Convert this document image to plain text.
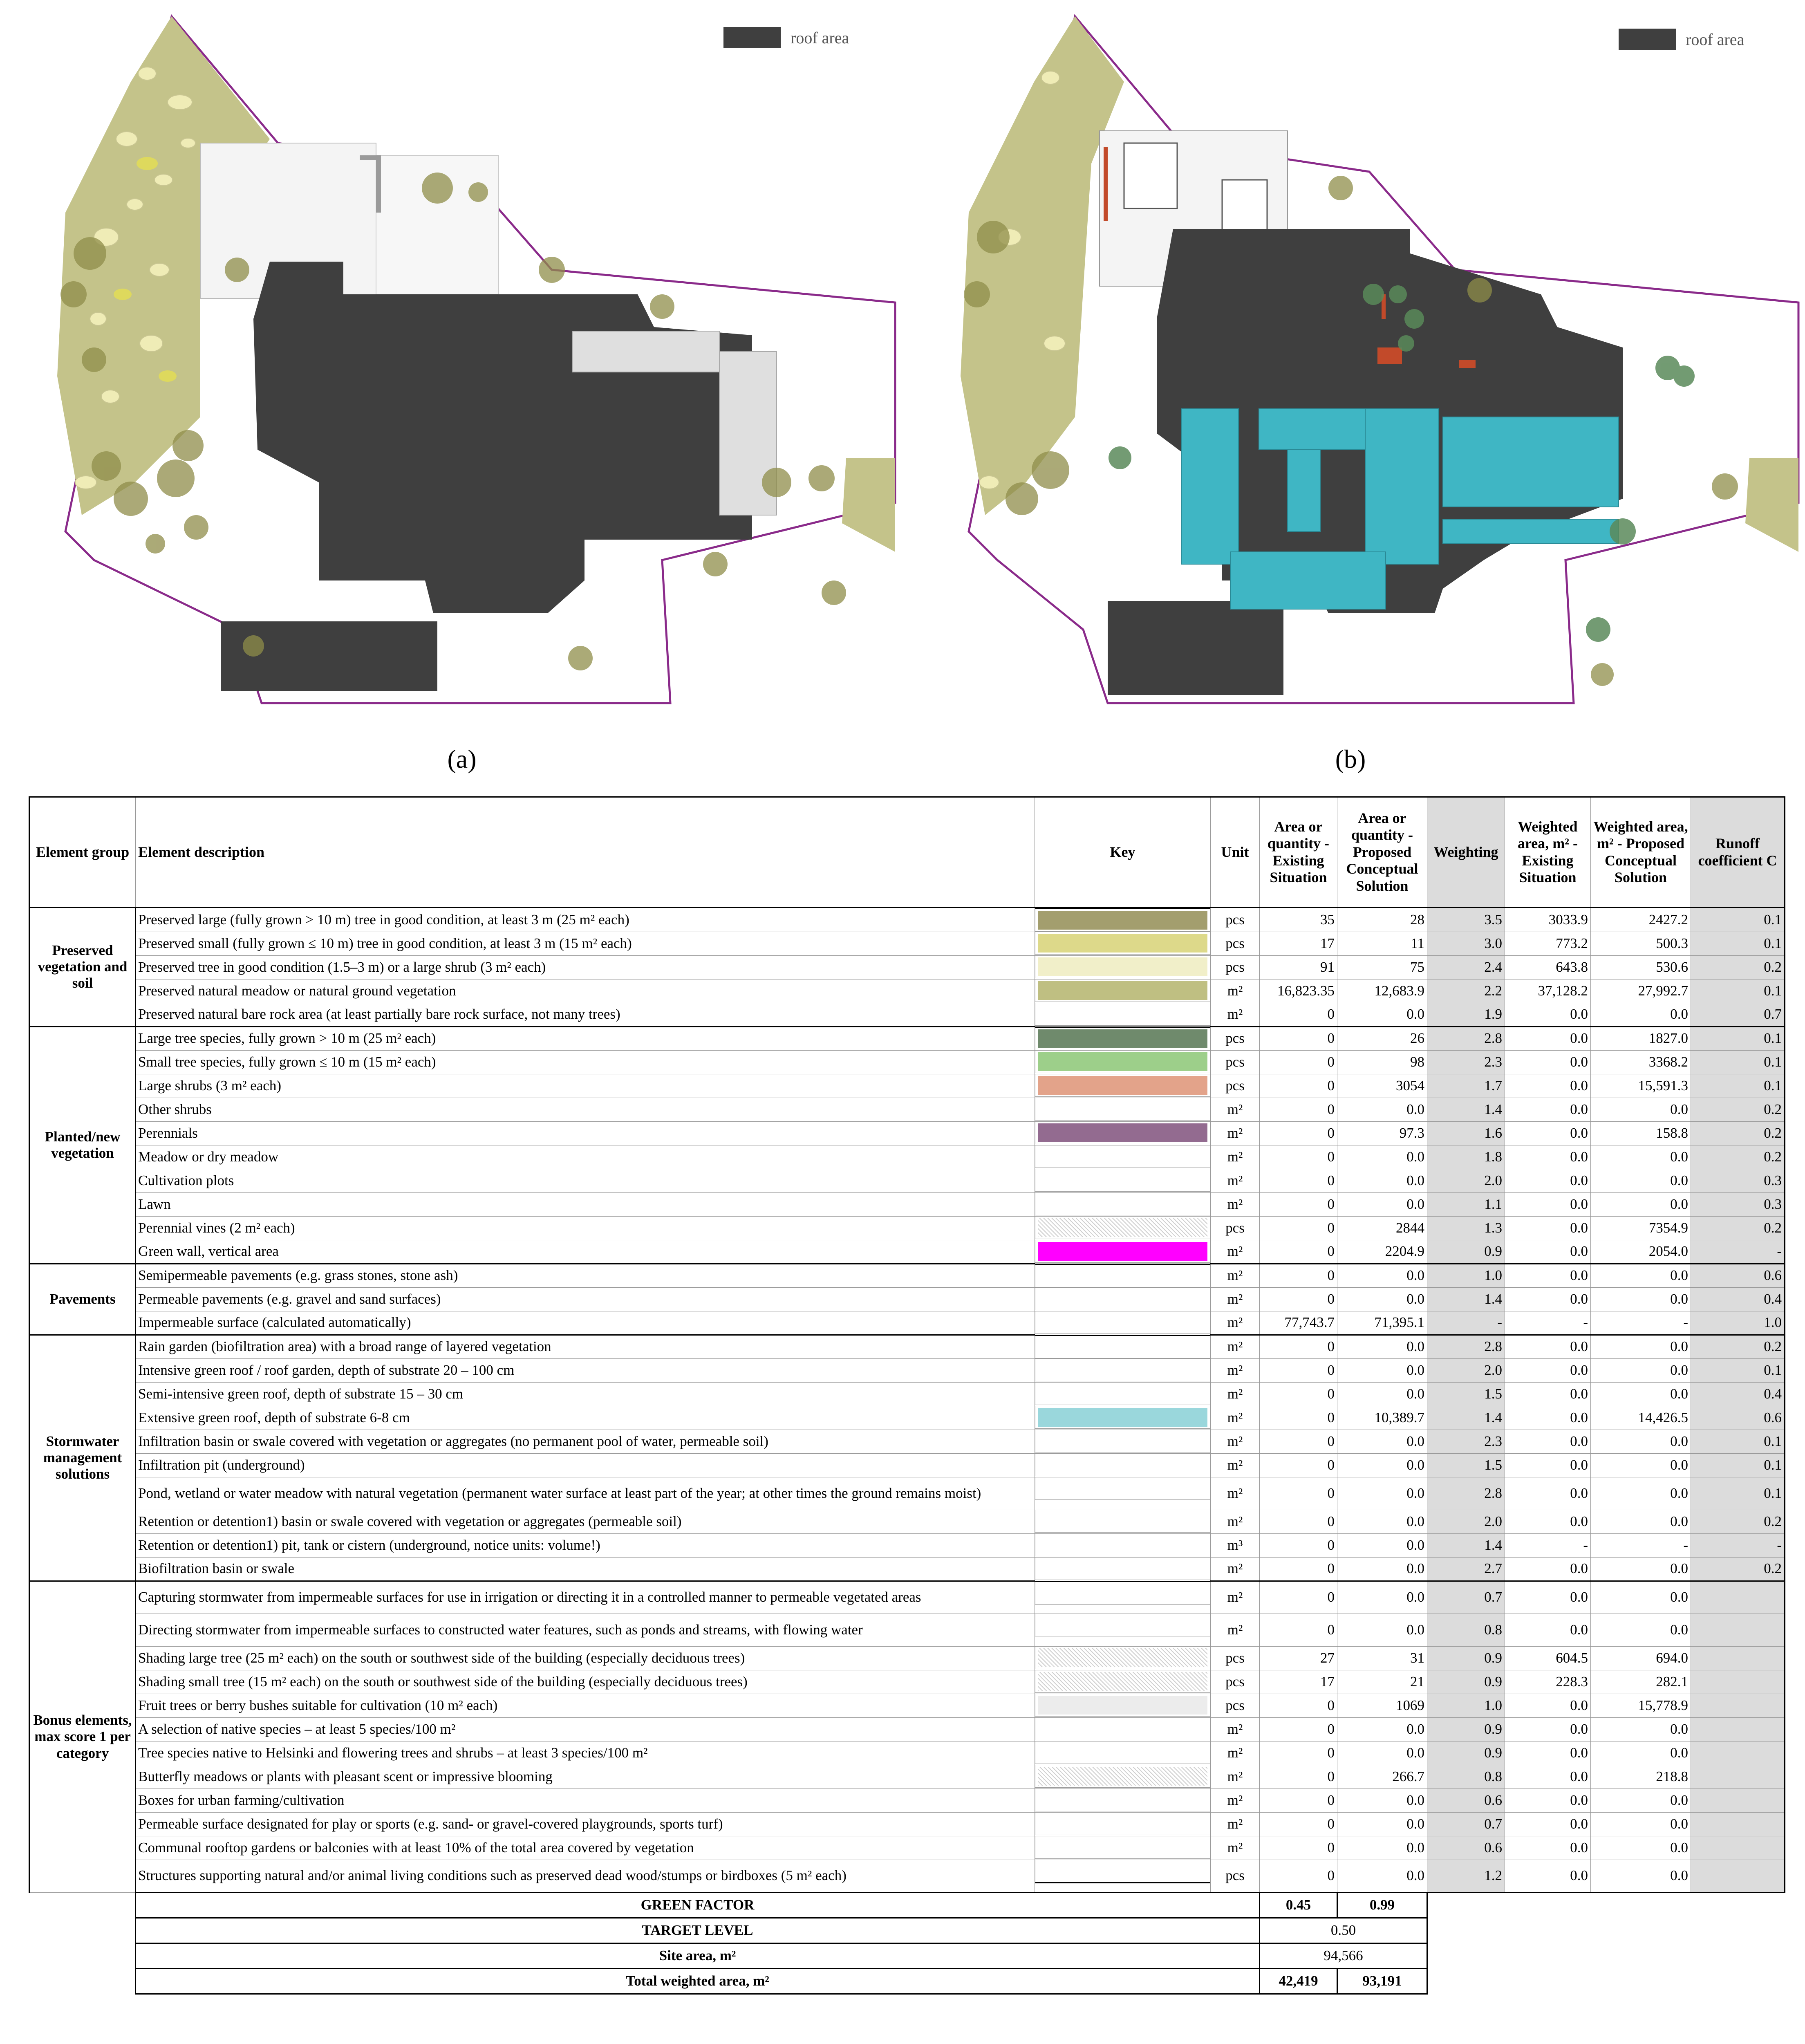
roof area
(a)
roof area
(b)
Element group	Element description	Key	Unit	Area or quantity - Existing Situation	Area or quantity - Proposed Conceptual Solution	Weighting	Weighted area, m² - Existing Situation	Weighted area, m² - Proposed Conceptual Solution	Runoff coefficient C
Preserved vegetation and soil	Preserved large (fully grown > 10 m) tree in good condition, at least 3 m (25 m² each)	pcs	35	28	3.5	3033.9	2427.2	0.1
	Preserved small (fully grown ≤ 10 m) tree in good condition, at least 3 m (15 m² each)	pcs	17	11	3.0	773.2	500.3	0.1
	Preserved tree in good condition (1.5–3 m) or a large shrub (3 m² each)	pcs	91	75	2.4	643.8	530.6	0.2
	Preserved natural meadow or natural ground vegetation	m²	16,823.35	12,683.9	2.2	37,128.2	27,992.7	0.1
	Preserved natural bare rock area (at least partially bare rock surface, not many trees)	m²	0	0.0	1.9	0.0	0.0	0.7
Planted/new vegetation	Large tree species, fully grown > 10 m (25 m² each)	pcs	0	26	2.8	0.0	1827.0	0.1
	Small tree species, fully grown ≤ 10 m (15 m² each)	pcs	0	98	2.3	0.0	3368.2	0.1
	Large shrubs (3 m² each)	pcs	0	3054	1.7	0.0	15,591.3	0.1
	Other shrubs	m²	0	0.0	1.4	0.0	0.0	0.2
	Perennials	m²	0	97.3	1.6	0.0	158.8	0.2
	Meadow or dry meadow	m²	0	0.0	1.8	0.0	0.0	0.2
	Cultivation plots	m²	0	0.0	2.0	0.0	0.0	0.3
	Lawn	m²	0	0.0	1.1	0.0	0.0	0.3
	Perennial vines (2 m² each)	pcs	0	2844	1.3	0.0	7354.9	0.2
	Green wall, vertical area	m²	0	2204.9	0.9	0.0	2054.0	-
Pavements	Semipermeable pavements (e.g. grass stones, stone ash)	m²	0	0.0	1.0	0.0	0.0	0.6
	Permeable pavements (e.g. gravel and sand surfaces)	m²	0	0.0	1.4	0.0	0.0	0.4
	Impermeable surface (calculated automatically)	m²	77,743.7	71,395.1	-	-	-	1.0
Stormwater management solutions	Rain garden (biofiltration area) with a broad range of layered vegetation	m²	0	0.0	2.8	0.0	0.0	0.2
	Intensive green roof / roof garden, depth of substrate 20 – 100 cm	m²	0	0.0	2.0	0.0	0.0	0.1
	Semi-intensive green roof, depth of substrate 15 – 30 cm	m²	0	0.0	1.5	0.0	0.0	0.4
	Extensive green roof, depth of substrate 6-8 cm	m²	0	10,389.7	1.4	0.0	14,426.5	0.6
	Infiltration basin or swale covered with vegetation or aggregates (no permanent pool of water, permeable soil)	m²	0	0.0	2.3	0.0	0.0	0.1
	Infiltration pit (underground)	m²	0	0.0	1.5	0.0	0.0	0.1
	Pond, wetland or water meadow with natural vegetation (permanent water surface at least part of the year; at other times the ground remains moist)	m²	0	0.0	2.8	0.0	0.0	0.1
	Retention or detention1) basin or swale covered with vegetation or aggregates (permeable soil)	m²	0	0.0	2.0	0.0	0.0	0.2
	Retention or detention1) pit, tank or cistern (underground, notice units: volume!)	m³	0	0.0	1.4	-	-	-
	Biofiltration basin or swale	m²	0	0.0	2.7	0.0	0.0	0.2
Bonus elements, max score 1 per category	Capturing stormwater from impermeable surfaces for use in irrigation or directing it in a controlled manner to permeable vegetated areas	m²	0	0.0	0.7	0.0	0.0	
	Directing stormwater from impermeable surfaces to constructed water features, such as ponds and streams, with flowing water	m²	0	0.0	0.8	0.0	0.0	
	Shading large tree (25 m² each) on the south or southwest side of the building (especially deciduous trees)	pcs	27	31	0.9	604.5	694.0	
	Shading small tree (15 m² each) on the south or southwest side of the building (especially deciduous trees)	pcs	17	21	0.9	228.3	282.1	
	Fruit trees or berry bushes suitable for cultivation (10 m² each)	pcs	0	1069	1.0	0.0	15,778.9	
	A selection of native species – at least 5 species/100 m²	m²	0	0.0	0.9	0.0	0.0	
	Tree species native to Helsinki and flowering trees and shrubs – at least 3 species/100 m²	m²	0	0.0	0.9	0.0	0.0	
	Butterfly meadows or plants with pleasant scent or impressive blooming	m²	0	266.7	0.8	0.0	218.8	
	Boxes for urban farming/cultivation	m²	0	0.0	0.6	0.0	0.0	
	Permeable surface designated for play or sports (e.g. sand- or gravel-covered playgrounds, sports turf)	m²	0	0.0	0.7	0.0	0.0	
	Communal rooftop gardens or balconies with at least 10% of the total area covered by vegetation	m²	0	0.0	0.6	0.0	0.0	
	Structures supporting natural and/or animal living conditions such as preserved dead wood/stumps or birdboxes (5 m² each)	pcs	0	0.0	1.2	0.0	0.0	
	GREEN FACTOR			0.45	0.99				
	TARGET LEVEL			0.50					
	Site area, m²			94,566					
	Total weighted area, m²			42,419	93,191				
